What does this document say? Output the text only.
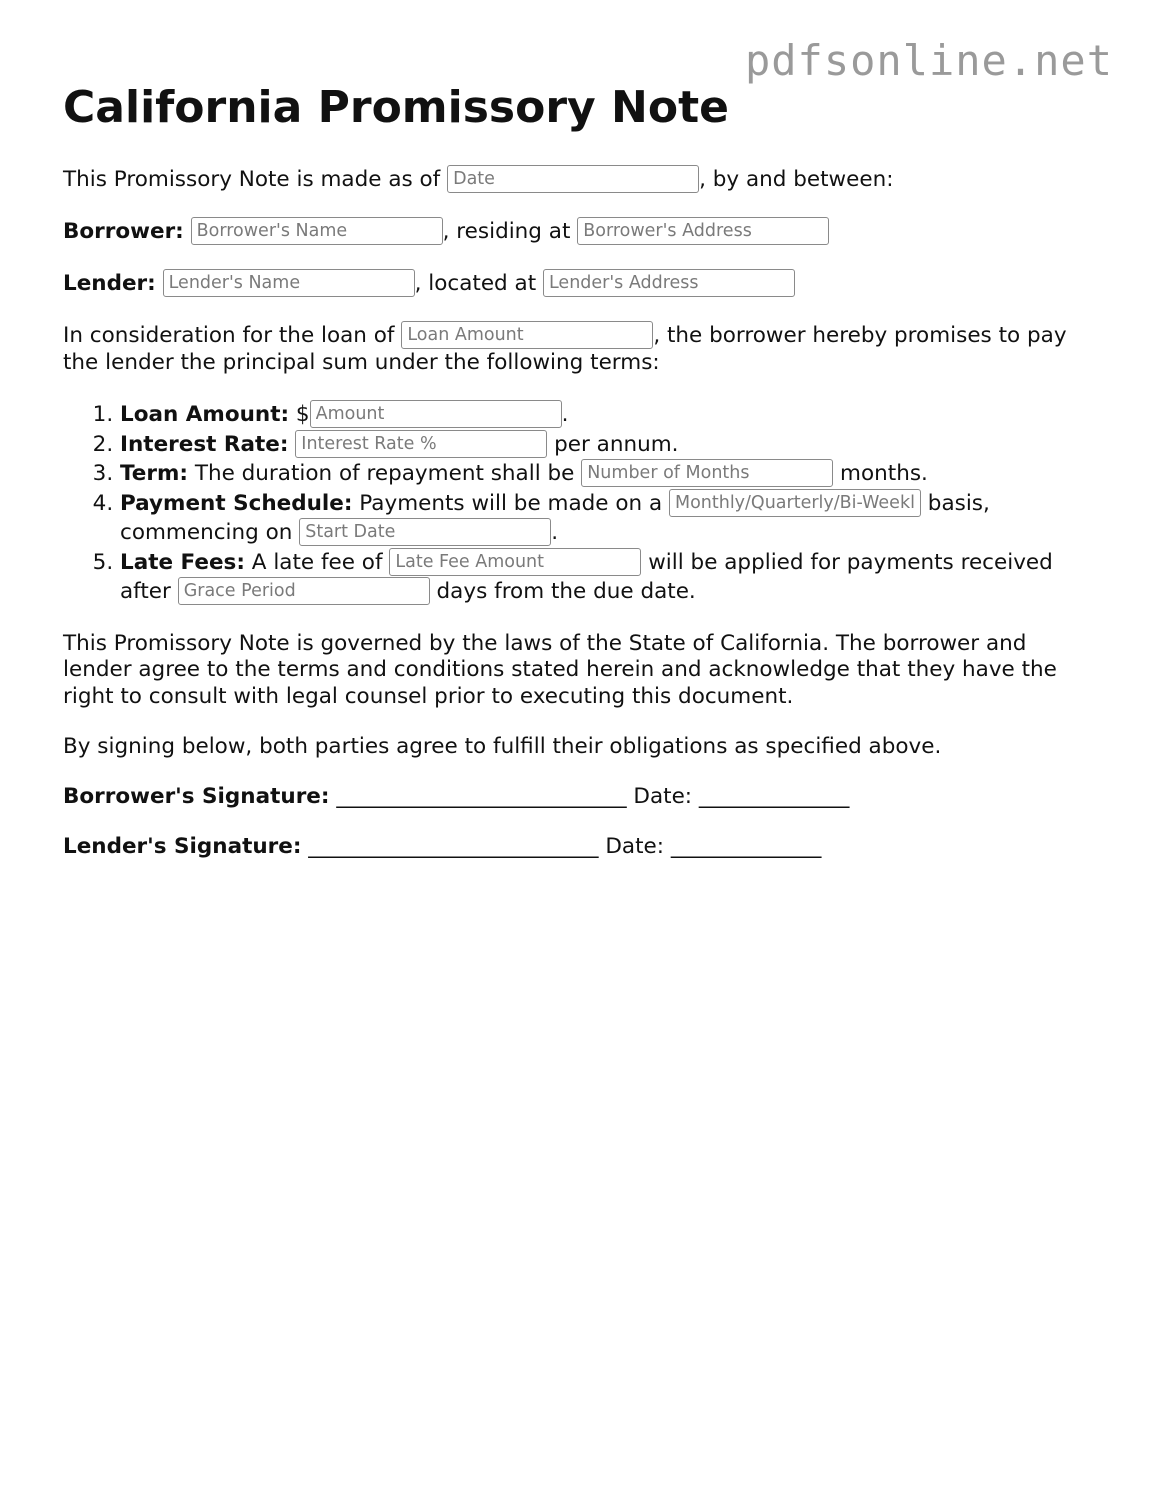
pdfsonline.net
California Promissory Note

This Promissory Note is made as of Date	, by and between:

Borrower: Borrower's Name	, residing at Borrower's Address

Lender: Lender's Name	, located at Lender's Address

In consideration for the loan of Loan Amount	, the borrower hereby promises to pay the lender the principal sum under the following terms:

1. Loan Amount: $Amount	.
2. Interest Rate: Interest Rate %	per annum.
3. Term: The duration of repayment shall be Number of Months	months.
4. Payment Schedule: Payments will be made on a Monthly/Quarterly/Bi-Weekly	basis, commencing on Start Date	.
5. Late Fees: A late fee of Late Fee Amount	will be applied for payments received after Grace Period	days from the due date.

This Promissory Note is governed by the laws of the State of California. The borrower and lender agree to the terms and conditions stated herein and acknowledge that they have the right to consult with legal counsel prior to executing this document.

By signing below, both parties agree to fulfill their obligations as specified above.

Borrower's Signature: ___________________________ Date: ______________

Lender's Signature: ___________________________ Date: ______________
